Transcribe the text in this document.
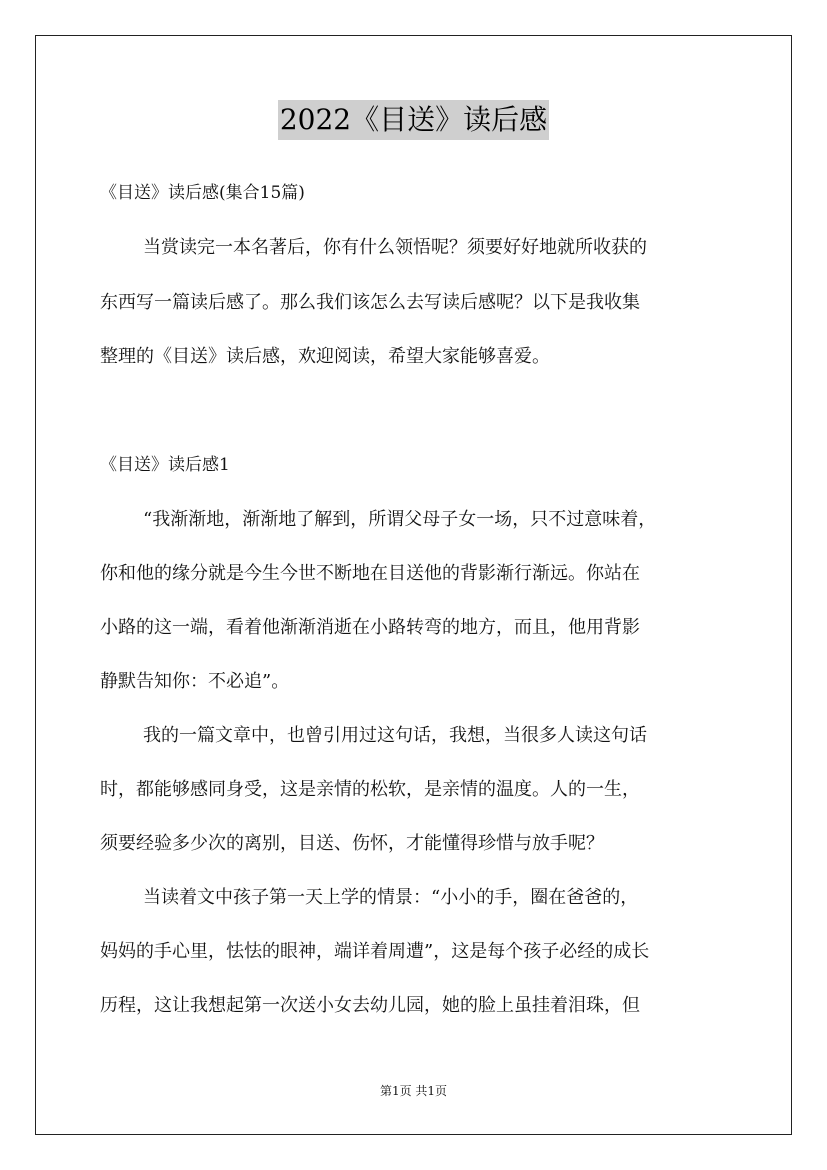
2022《目送》读后感
《目送》读后感(集合15篇)
当赏读完一本名著后，你有什么领悟呢？须要好好地就所收获的
东西写一篇读后感了。那么我们该怎么去写读后感呢？以下是我收集
整理的《目送》读后感，欢迎阅读，希望大家能够喜爱。
《目送》读后感1
“我渐渐地，渐渐地了解到，所谓父母子女一场，只不过意味着，
你和他的缘分就是今生今世不断地在目送他的背影渐行渐远。你站在
小路的这一端，看着他渐渐消逝在小路转弯的地方，而且，他用背影
静默告知你：不必追”。
我的一篇文章中，也曾引用过这句话，我想，当很多人读这句话
时，都能够感同身受，这是亲情的松软，是亲情的温度。人的一生，
须要经验多少次的离别，目送、伤怀，才能懂得珍惜与放手呢？
当读着文中孩子第一天上学的情景：“小小的手，圈在爸爸的，
妈妈的手心里，怯怯的眼神，端详着周遭”，这是每个孩子必经的成长
历程，这让我想起第一次送小女去幼儿园，她的脸上虽挂着泪珠，但
第1页 共1页
